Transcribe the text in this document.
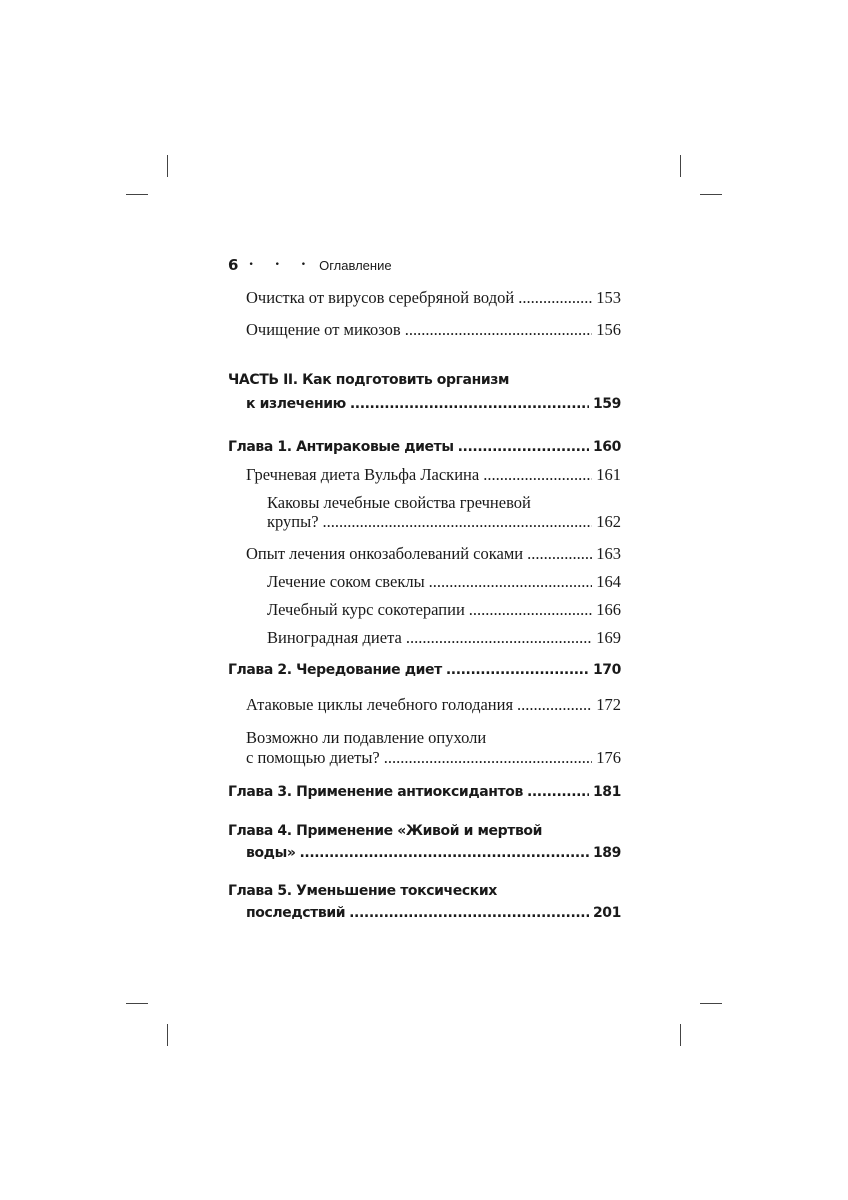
6 • • • Оглавление
Очистка от вирусов серебряной водой .....	153
Очищение от микозов .....	156
ЧАСТЬ II. Как подготовить организм
к излечению .....	159
Глава 1. Антираковые диеты .....	160
Гречневая диета Вульфа Ласкина .....	161
Каковы лечебные свойства гречневой
крупы? .....	162
Опыт лечения онкозаболеваний соками .....	163
Лечение соком свеклы .....	164
Лечебный курс сокотерапии .....	166
Виноградная диета .....	169
Глава 2. Чередование диет .....	170
Атаковые циклы лечебного голодания .....	172
Возможно ли подавление опухоли
с помощью диеты? .....	176
Глава 3. Применение антиоксидантов .....	181
Глава 4. Применение «Живой и мертвой
воды» .....	189
Глава 5. Уменьшение токсических
последствий .....	201
